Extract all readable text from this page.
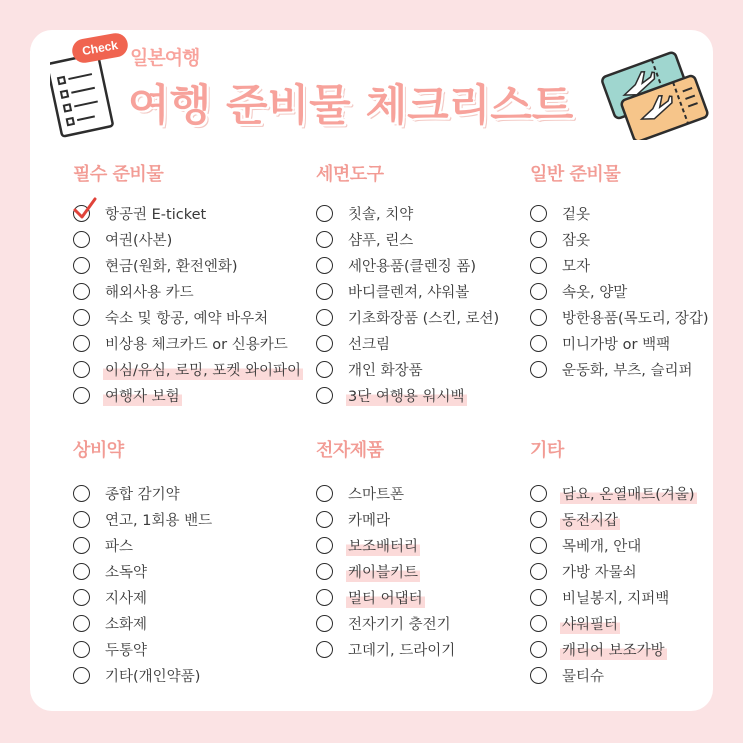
Check 일본여행
여행 준비물 체크리스트
필수 준비물
항공권 E-ticket
여권(사본)
현금(원화, 환전엔화)
해외사용 카드
숙소 및 항공, 예약 바우처
비상용 체크카드 or 신용카드
이심/유심, 로밍, 포켓 와이파이
여행자 보험
세면도구
칫솔, 치약
샴푸, 린스
세안용품(클렌징 폼)
바디클렌져, 샤워볼
기초화장품 (스킨, 로션)
선크림
개인 화장품
3단 여행용 워시백
일반 준비물
겉옷
잠옷
모자
속옷, 양말
방한용품(목도리, 장갑)
미니가방 or 백팩
운동화, 부츠, 슬리퍼
상비약
종합 감기약
연고, 1회용 밴드
파스
소독약
지사제
소화제
두통약
기타(개인약품)
전자제품
스마트폰
카메라
보조배터리
케이블키트
멀티 어댑터
전자기기 충전기
고데기, 드라이기
기타
담요, 온열매트(겨울)
동전지갑
목베개, 안대
가방 자물쇠
비닐봉지, 지퍼백
샤워필터
캐리어 보조가방
물티슈
